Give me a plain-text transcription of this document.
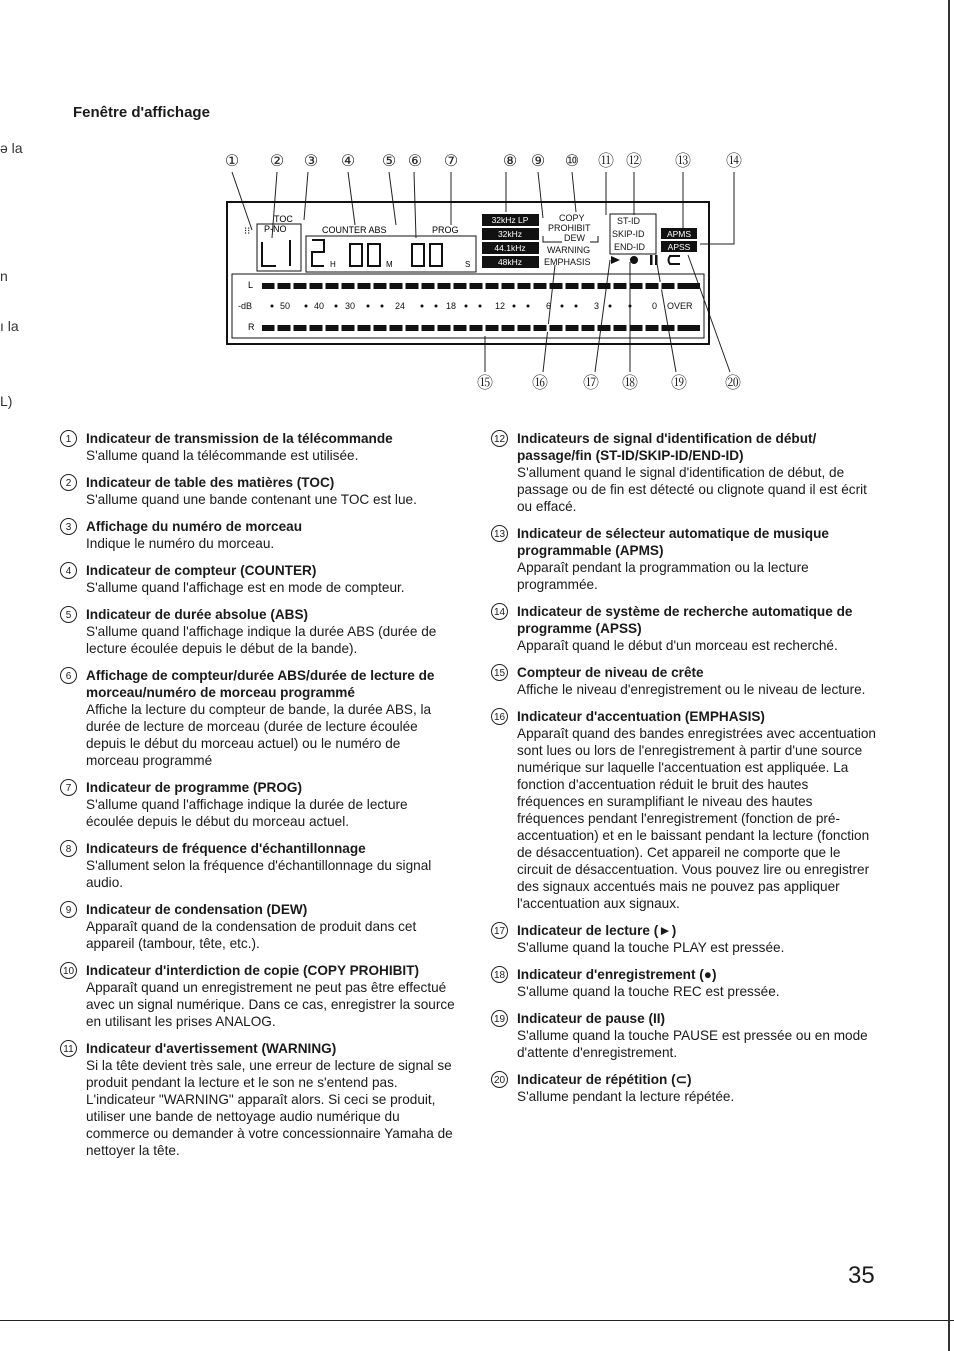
ə la
n
ı la
L)
Fenêtre d'affichage
① ② ③ ④ ⑤ ⑥ ⑦	⑧ ⑨ ⑩ ⑪ ⑫ ⑬ ⑭
TOC
P-NO
⁝⁝	COUNTER ABS	PROG
H	M	S
32kHz LP
32kHz
44.1kHz
48kHz
COPY
PROHIBIT
DEW
WARNING
EMPHASIS
ST-ID
SKIP-ID
END-ID
APMS
APSS
L
R
-dB	50	40 30	24	18	12	6	3	0 OVER
⑮ ⑯ ⑰ ⑱ ⑲ ⑳
1	Indicateur de transmission de la télécommande
S'allume quand la télécommande est utilisée.
2	Indicateur de table des matières (TOC)
S'allume quand une bande contenant une TOC est lue.
3	Affichage du numéro de morceau
Indique le numéro du morceau.
4	Indicateur de compteur (COUNTER)
S'allume quand l'affichage est en mode de compteur.
5	Indicateur de durée absolue (ABS)
S'allume quand l'affichage indique la durée ABS (durée de lecture écoulée depuis le début de la bande).
6	Affichage de compteur/durée ABS/durée de lecture de morceau/numéro de morceau programmé
Affiche la lecture du compteur de bande, la durée ABS, la durée de lecture de morceau (durée de lecture écoulée depuis le début du morceau actuel) ou le numéro de morceau programmé
7	Indicateur de programme (PROG)
S'allume quand l'affichage indique la durée de lecture écoulée depuis le début du morceau actuel.
8	Indicateurs de fréquence d'échantillonnage
S'allument selon la fréquence d'échantillonnage du signal audio.
9	Indicateur de condensation (DEW)
Apparaît quand de la condensation de produit dans cet appareil (tambour, tête, etc.).
10 Indicateur d'interdiction de copie (COPY PROHIBIT)
Apparaît quand un enregistrement ne peut pas être effectué avec un signal numérique. Dans ce cas, enregistrer la source en utilisant les prises ANALOG.
11 Indicateur d'avertissement (WARNING)
Si la tête devient très sale, une erreur de lecture de signal se produit pendant la lecture et le son ne s'entend pas. L'indicateur "WARNING" apparaît alors. Si ceci se produit, utiliser une bande de nettoyage audio numérique du commerce ou demander à votre concessionnaire Yamaha de nettoyer la tête.
12 Indicateurs de signal d'identification de début/ passage/fin (ST-ID/SKIP-ID/END-ID)
S'allument quand le signal d'identification de début, de passage ou de fin est détecté ou clignote quand il est écrit ou effacé.
13 Indicateur de sélecteur automatique de musique programmable (APMS)
Apparaît pendant la programmation ou la lecture programmée.
14 Indicateur de système de recherche automatique de programme (APSS)
Apparaît quand le début d'un morceau est recherché.
15 Compteur de niveau de crête
Affiche le niveau d'enregistrement ou le niveau de lecture.
16 Indicateur d'accentuation (EMPHASIS)
Apparaît quand des bandes enregistrées avec accentuation sont lues ou lors de l'enregistrement à partir d'une source numérique sur laquelle l'accentuation est appliquée. La fonction d'accentuation réduit le bruit des hautes fréquences en suramplifiant le niveau des hautes fréquences pendant l'enregistrement (fonction de pré-accentuation) et en le baissant pendant la lecture (fonction de désaccentuation). Cet appareil ne comporte que le circuit de désaccentuation. Vous pouvez lire ou enregistrer des signaux accentués mais ne pouvez pas appliquer l'accentuation aux signaux.
17 Indicateur de lecture (►)
S'allume quand la touche PLAY est pressée.
18 Indicateur d'enregistrement (●)
S'allume quand la touche REC est pressée.
19 Indicateur de pause (II)
S'allume quand la touche PAUSE est pressée ou en mode d'attente d'enregistrement.
20 Indicateur de répétition (⊂)
S'allume pendant la lecture répétée.
35
